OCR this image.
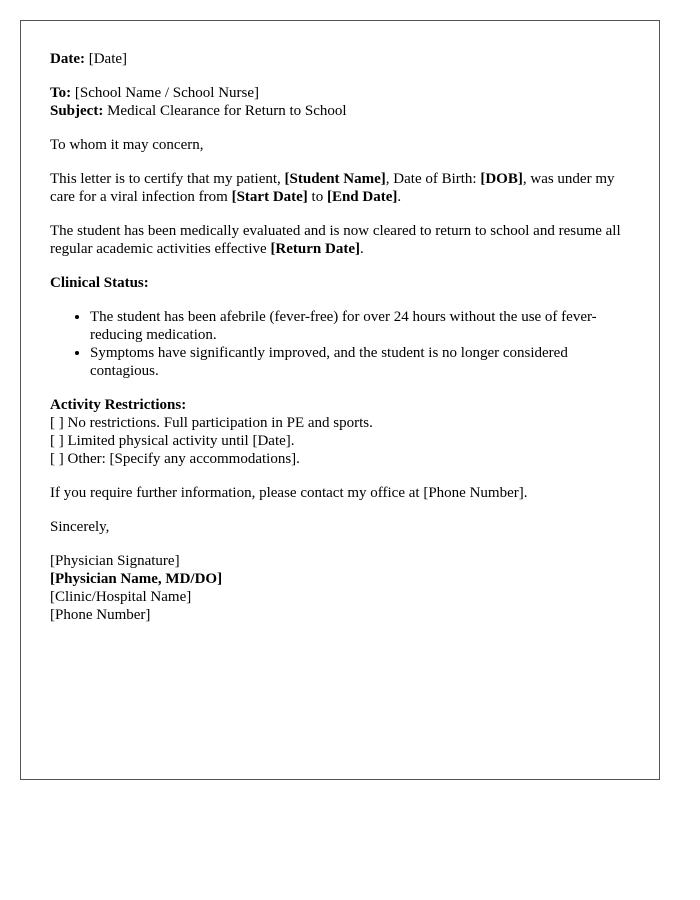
Date: [Date]

To: [School Name / School Nurse]

Subject: Medical Clearance for Return to School

To whom it may concern,

This letter is to certify that my patient, [Student Name], Date of Birth: [DOB], was under my care for a viral infection from [Start Date] to [End Date].

The student has been medically evaluated and is now cleared to return to school and resume all regular academic activities effective [Return Date].

Clinical Status:

• The student has been afebrile (fever-free) for over 24 hours without the use of fever-reducing medication.
• Symptoms have significantly improved, and the student is no longer considered contagious.

Activity Restrictions:

[ ] No restrictions. Full participation in PE and sports.

[ ] Limited physical activity until [Date].

[ ] Other: [Specify any accommodations].

If you require further information, please contact my office at [Phone Number].

Sincerely,

[Physician Signature]

[Physician Name, MD/DO]

[Clinic/Hospital Name]

[Phone Number]
